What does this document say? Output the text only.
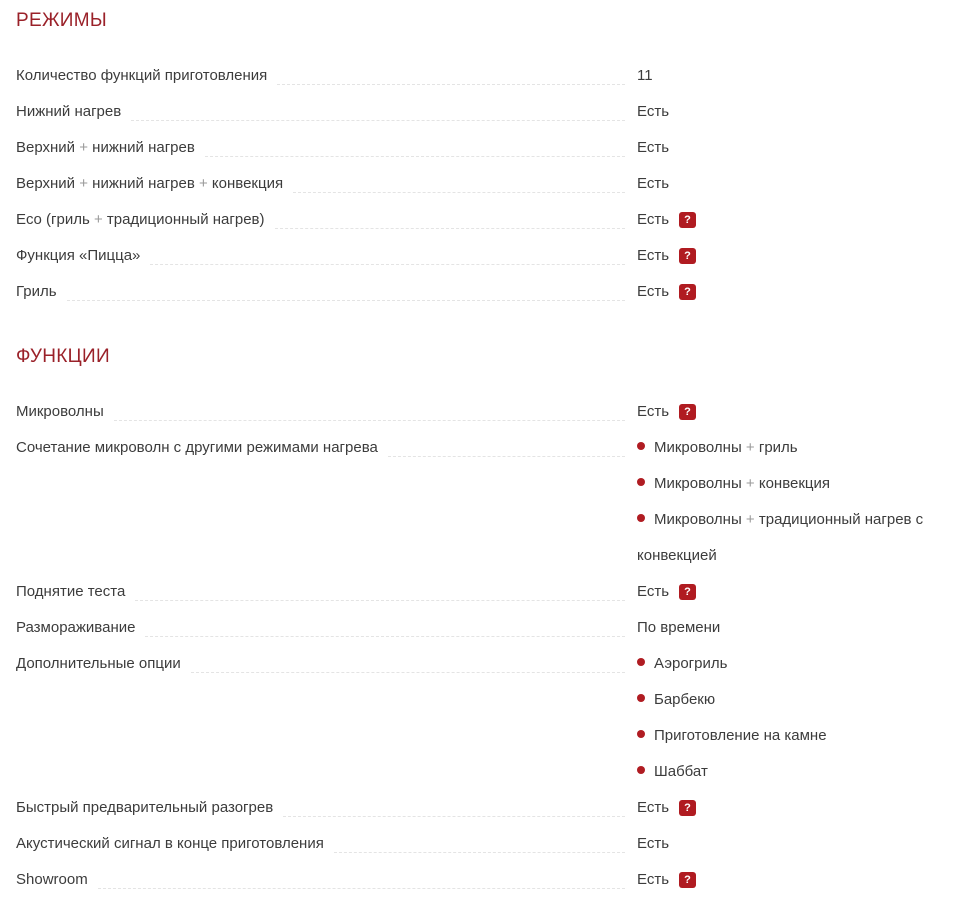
РЕЖИМЫ
Количество функций приготовления	11
Нижний нагрев	Есть
Верхний + нижний нагрев	Есть
Верхний + нижний нагрев + конвекция	Есть
Eco (гриль + традиционный нагрев)	Есть ?
Функция «Пицца»	Есть ?
Гриль	Есть ?
ФУНКЦИИ
Микроволны	Есть ?
Сочетание микроволн с другими режимами нагрева	Микроволны + гриль
Микроволны + конвекция
Микроволны + традиционный нагрев с конвекцией
Поднятие теста	Есть ?
Размораживание	По времени
Дополнительные опции	Аэрогриль
Барбекю
Приготовление на камне
Шаббат
Быстрый предварительный разогрев	Есть ?
Акустический сигнал в конце приготовления	Есть
Showroom	Есть ?
